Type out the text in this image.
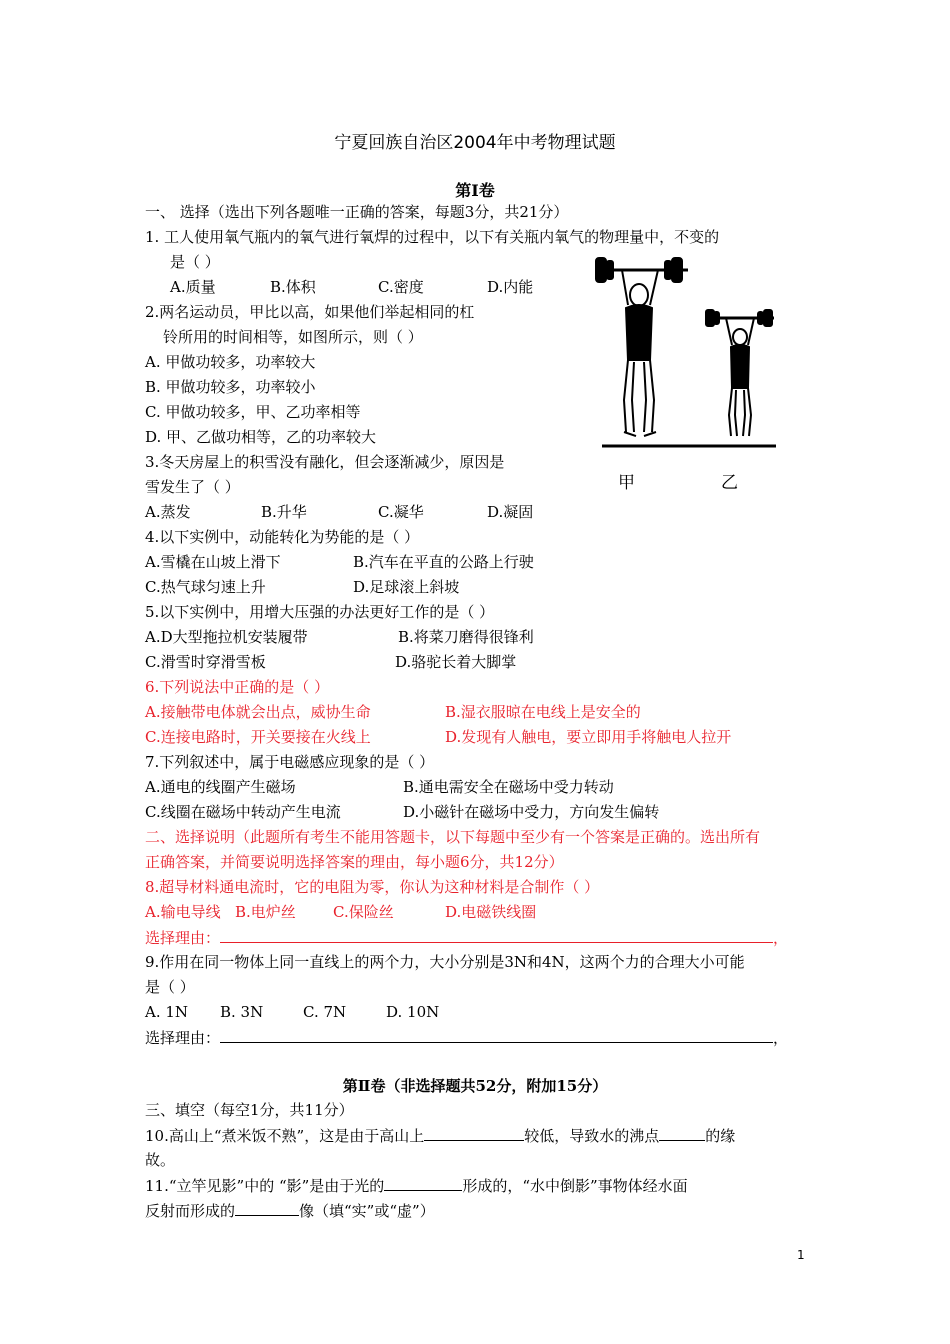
宁夏回族自治区2004年中考物理试题
第Ⅰ卷
一、 选择（选出下列各题唯一正确的答案，每题3分，共21分）
1. 工人使用氧气瓶内的氧气进行氧焊的过程中，以下有关瓶内氧气的物理量中，不变的
是（ ）
A.质量	B.体积	C.密度	D.内能
2.两名运动员，甲比以高，如果他们举起相同的杠
铃所用的时间相等，如图所示，则（ ）
A. 甲做功较多，功率较大
B. 甲做功较多，功率较小
C. 甲做功较多，甲、乙功率相等
D. 甲、乙做功相等，乙的功率较大
甲	乙
3.冬天房屋上的积雪没有融化，但会逐渐减少，原因是
雪发生了（ ）
A.蒸发	B.升华	C.凝华	D.凝固
4.以下实例中，动能转化为势能的是（ ）
A.雪橇在山坡上滑下	B.汽车在平直的公路上行驶
C.热气球匀速上升	D.足球滚上斜坡
5.以下实例中，用增大压强的办法更好工作的是（ ）
A.D大型拖拉机安装履带	B.将菜刀磨得很锋利
C.滑雪时穿滑雪板	D.骆驼长着大脚掌
6.下列说法中正确的是（ ）
A.接触带电体就会出点，威协生命	B.湿衣服晾在电线上是安全的
C.连接电路时，开关要接在火线上	D.发现有人触电，要立即用手将触电人拉开
7.下列叙述中，属于电磁感应现象的是（ ）
A.通电的线圈产生磁场	B.通电需安全在磁场中受力转动
C.线圈在磁场中转动产生电流	D.小磁针在磁场中受力，方向发生偏转
二、选择说明（此题所有考生不能用答题卡，以下每题中至少有一个答案是正确的。选出所有
正确答案，并简要说明选择答案的理由，每小题6分，共12分）
8.超导材料通电流时，它的电阻为零，你认为这种材料是合制作（ ）
A.输电导线 B.电炉丝 C.保险丝	D.电磁铁线圈
选择理由：	，
9.作用在同一物体上同一直线上的两个力，大小分别是3N和4N，这两个力的合理大小可能
是（ ）
A. 1N B. 3N	C. 7N	D. 10N
选择理由：	，
第Ⅱ卷（非选择题共52分，附加15分）
三、填空（每空1分，共11分）
10.高山上“煮米饭不熟”，这是由于高山上	较低，导致水的沸点	的缘
故。
11.“立竿见影”中的 “影”是由于光的	形成的，“水中倒影”事物体经水面
反射而形成的	像（填“实”或“虚”）
1
